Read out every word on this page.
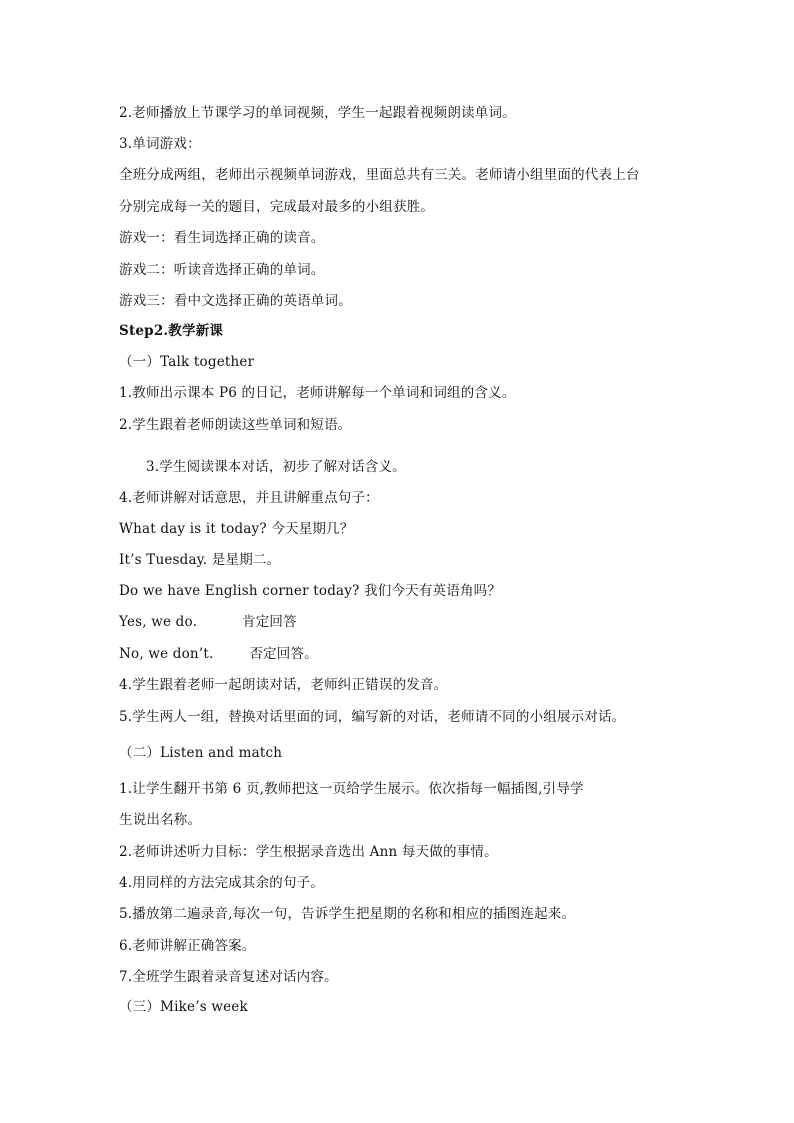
2.老师播放上节课学习的单词视频，学生一起跟着视频朗读单词。
3.单词游戏：
全班分成两组，老师出示视频单词游戏，里面总共有三关。老师请小组里面的代表上台
分别完成每一关的题目，完成最对最多的小组获胜。
游戏一：看生词选择正确的读音。
游戏二：听读音选择正确的单词。
游戏三：看中文选择正确的英语单词。
Step2.教学新课
（一）Talk together
1.教师出示课本 P6 的日记，老师讲解每一个单词和词组的含义。
2.学生跟着老师朗读这些单词和短语。
3.学生阅读课本对话，初步了解对话含义。
4.老师讲解对话意思，并且讲解重点句子：
What day is it today? 今天星期几？
It’s Tuesday. 是星期二。
Do we have English corner today? 我们今天有英语角吗？
Yes, we do.          肯定回答
No, we don’t.        否定回答。
4.学生跟着老师一起朗读对话，老师纠正错误的发音。
5.学生两人一组，替换对话里面的词，编写新的对话，老师请不同的小组展示对话。
（二）Listen and match
1.让学生翻开书第 6 页,教师把这一页给学生展示。依次指每一幅插图,引导学
生说出名称。
2.老师讲述听力目标：学生根据录音选出 Ann 每天做的事情。
4.用同样的方法完成其余的句子。
5.播放第二遍录音,每次一句，告诉学生把星期的名称和相应的插图连起来。
6.老师讲解正确答案。
7.全班学生跟着录音复述对话内容。
（三）Mike’s week
